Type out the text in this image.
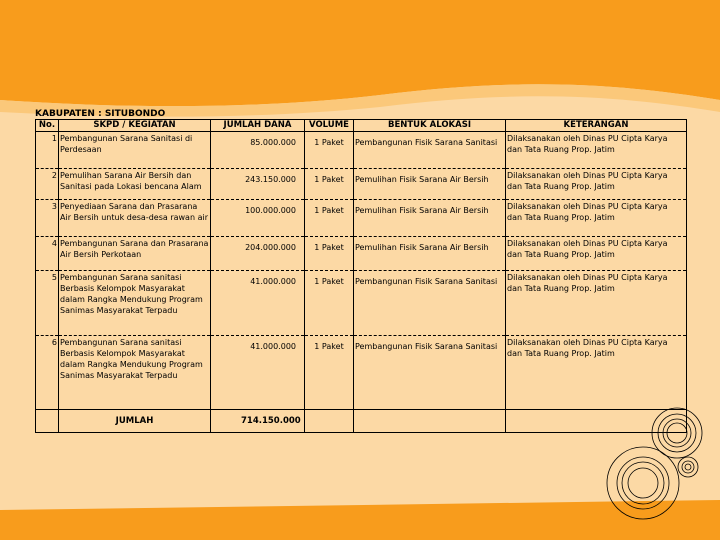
KABUPATEN : SITUBONDO
No.	SKPD / KEGIATAN	JUMLAH DANA	VOLUME	BENTUK ALOKASI	KETERANGAN
1	Pembangunan Sarana Sanitasi di Perdesaan	85.000.000	1 Paket	Pembangunan Fisik Sarana Sanitasi	Dilaksanakan oleh Dinas PU Cipta Karya dan Tata Ruang Prop. Jatim
2	Pemulihan Sarana Air Bersih dan Sanitasi pada Lokasi bencana Alam	243.150.000	1 Paket	Pemulihan Fisik Sarana Air Bersih	Dilaksanakan oleh Dinas PU Cipta Karya dan Tata Ruang Prop. Jatim
3	Penyediaan Sarana dan Prasarana Air Bersih untuk desa-desa rawan air	100.000.000	1 Paket	Pemulihan Fisik Sarana Air Bersih	Dilaksanakan oleh Dinas PU Cipta Karya dan Tata Ruang Prop. Jatim
4	Pembangunan Sarana dan Prasarana Air Bersih Perkotaan	204.000.000	1 Paket	Pemulihan Fisik Sarana Air Bersih	Dilaksanakan oleh Dinas PU Cipta Karya dan Tata Ruang Prop. Jatim
5	Pembangunan Sarana sanitasi Berbasis Kelompok Masyarakat dalam Rangka Mendukung Program Sanimas Masyarakat Terpadu	41.000.000	1 Paket	Pembangunan Fisik Sarana Sanitasi	Dilaksanakan oleh Dinas PU Cipta Karya dan Tata Ruang Prop. Jatim
6	Pembangunan Sarana sanitasi Berbasis Kelompok Masyarakat dalam Rangka Mendukung Program Sanimas Masyarakat Terpadu	41.000.000	1 Paket	Pembangunan Fisik Sarana Sanitasi	Dilaksanakan oleh Dinas PU Cipta Karya dan Tata Ruang Prop. Jatim
	JUMLAH	714.150.000			
